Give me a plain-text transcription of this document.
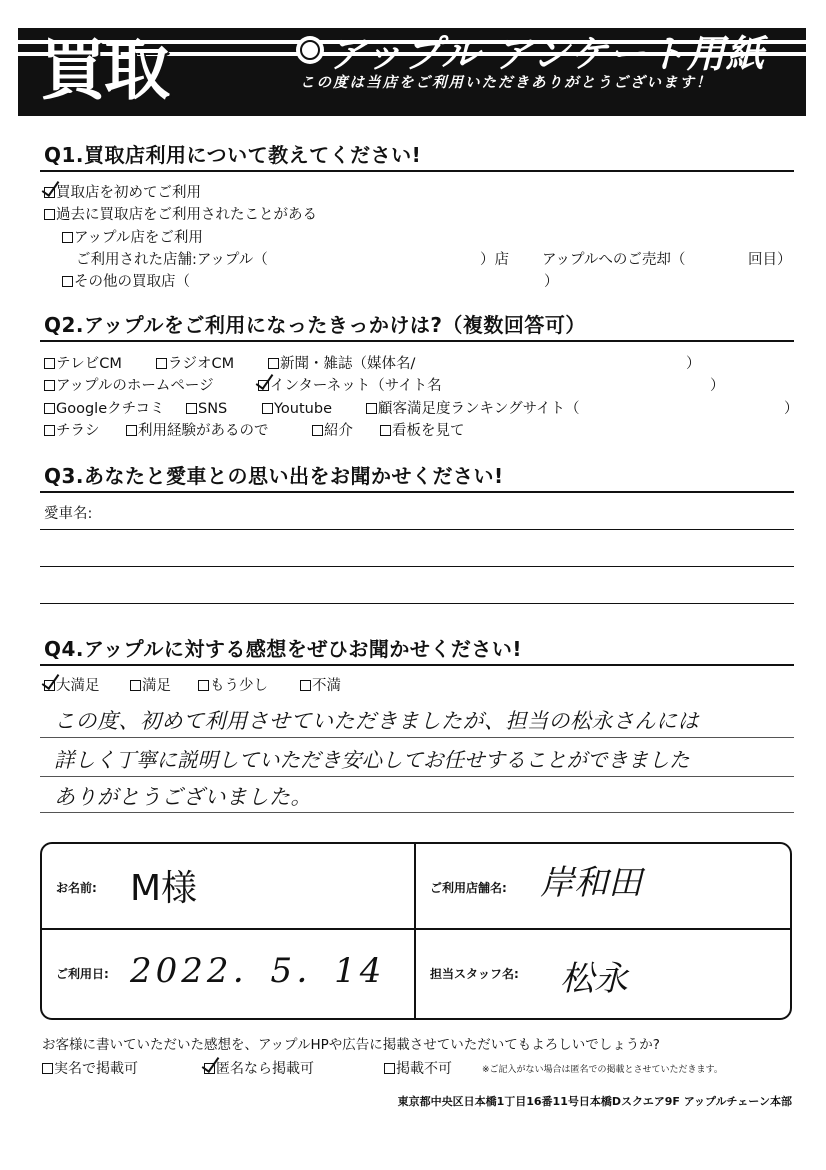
買取	アップル アンケート用紙
この度は当店をご利用いただきありがとうございます！
Q1.買取店利用について教えてください!
買取店を初めてご利用
過去に買取店をご利用されたことがある
アップル店をご利用
ご利用された店舗:アップル（	）店 アップルへのご売却（	回目）
その他の買取店（	）
Q2.アップルをご利用になったきっかけは?（複数回答可）
テレビCM	ラジオCM	新聞・雑誌（媒体名/	）
アップルのホームページ	インターネット（サイト名	）
Googleクチコミ	SNS	Youtube	顧客満足度ランキングサイト（	）
チラシ	利用経験があるので	紹介	看板を見て
Q3.あなたと愛車との思い出をお聞かせください!
愛車名:
Q4.アップルに対する感想をぜひお聞かせください!
大満足	満足	もう少し	不満
この度、初めて利用させていただきましたが、担当の松永さんには
詳しく丁寧に説明していただき安心してお任せすることができました
ありがとうございました。
お名前: M様	ご利用店舗名: 岸和田
ご利用日: 2022．5．14	担当スタッフ名: 松永
お客様に書いていただいた感想を、アップルHPや広告に掲載させていただいてもよろしいでしょうか?
実名で掲載可	匿名なら掲載可	掲載不可	※ご記入がない場合は匿名での掲載とさせていただきます。
東京都中央区日本橋1丁目16番11号日本橋Dスクエア9F アップルチェーン本部
